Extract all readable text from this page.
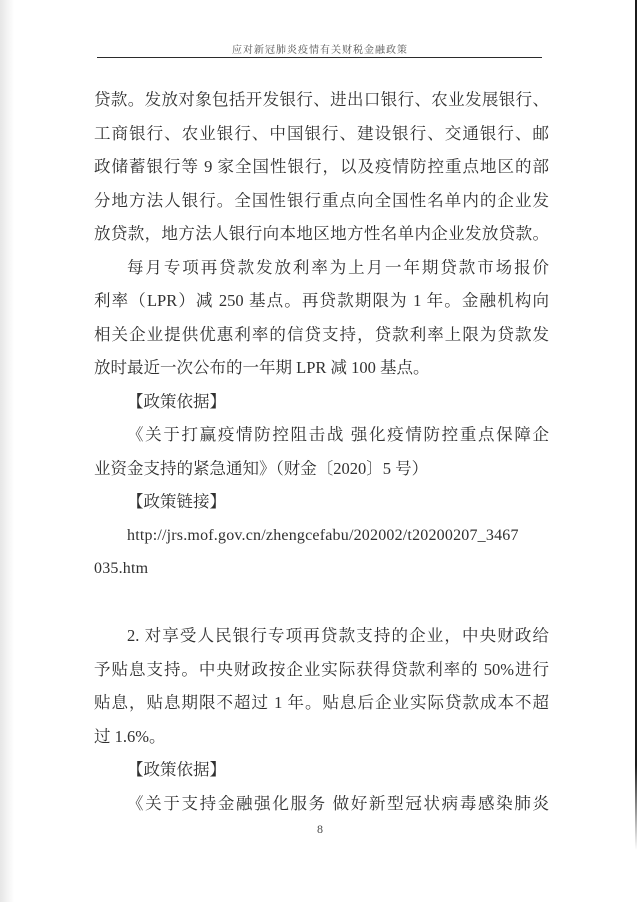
应对新冠肺炎疫情有关财税金融政策
贷款。发放对象包括开发银行、进出口银行、农业发展银行、
工商银行、农业银行、中国银行、建设银行、交通银行、邮
政储蓄银行等 9 家全国性银行，以及疫情防控重点地区的部
分地方法人银行。全国性银行重点向全国性名单内的企业发
放贷款，地方法人银行向本地区地方性名单内企业发放贷款。
每月专项再贷款发放利率为上月一年期贷款市场报价
利率（LPR）减 250 基点。再贷款期限为 1 年。金融机构向
相关企业提供优惠利率的信贷支持，贷款利率上限为贷款发
放时最近一次公布的一年期 LPR 减 100 基点。
【政策依据】
《关于打赢疫情防控阻击战 强化疫情防控重点保障企
业资金支持的紧急通知》（财金〔2020〕5 号）
【政策链接】
http://jrs.mof.gov.cn/zhengcefabu/202002/t20200207_3467
035.htm
2. 对享受人民银行专项再贷款支持的企业，中央财政给
予贴息支持。中央财政按企业实际获得贷款利率的 50%进行
贴息，贴息期限不超过 1 年。贴息后企业实际贷款成本不超
过 1.6%。
【政策依据】
《关于支持金融强化服务 做好新型冠状病毒感染肺炎
8
